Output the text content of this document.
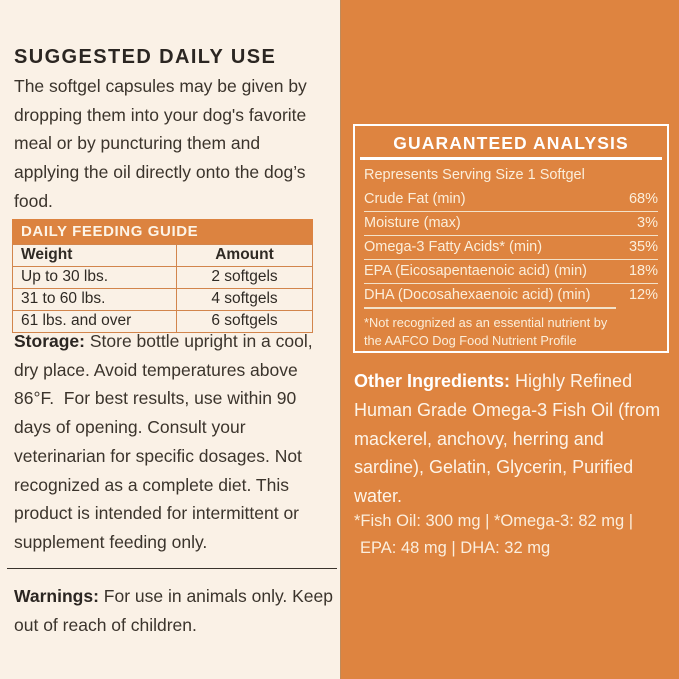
SUGGESTED DAILY USE

The softgel capsules may be given by dropping them into your dog's favorite meal or by puncturing them and applying the oil directly onto the dog’s food.

DAILY FEEDING GUIDE
Weight	Amount
Up to 30 lbs.	2 softgels
31 to 60 lbs.	4 softgels
61 lbs. and over	6 softgels

Storage: Store bottle upright in a cool, dry place. Avoid temperatures above 86°F.  For best results, use within 90 days of opening. Consult your veterinarian for specific dosages. Not recognized as a complete diet. This product is intended for intermittent or supplement feeding only.

Warnings: For use in animals only. Keep out of reach of children.

GUARANTEED ANALYSIS
Represents Serving Size 1 Softgel
Crude Fat (min)	68%
Moisture (max)	3%
Omega-3 Fatty Acids* (min)	35%
EPA (Eicosapentaenoic acid) (min)	18%
DHA (Docosahexaenoic acid) (min)	12%
*Not recognized as an essential nutrient by the AAFCO Dog Food Nutrient Profile

Other Ingredients: Highly Refined Human Grade Omega-3 Fish Oil (from mackerel, anchovy, herring and sardine), Gelatin, Glycerin, Purified water.

*Fish Oil: 300 mg | *Omega-3: 82 mg |
EPA: 48 mg | DHA: 32 mg
